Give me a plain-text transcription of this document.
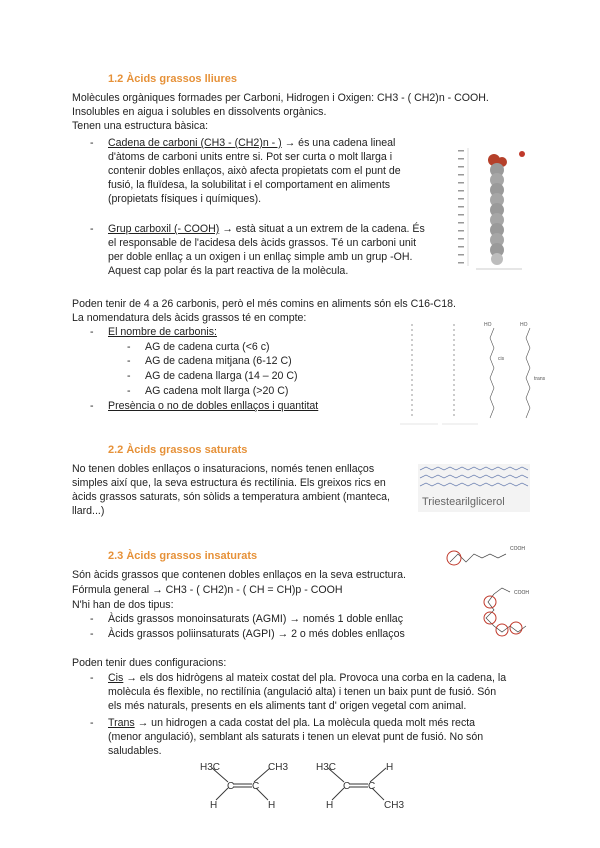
1.2 Àcids grassos lliures
Molècules orgàniques formades per Carboni, Hidrogen i Oxigen: CH3 - ( CH2)n - COOH.
Insolubles en aigua i solubles en dissolvents orgànics.
Tenen una estructura bàsica:
- Cadena de carboni (CH3 - (CH2)n - ) → és una cadena lineal
d'àtoms de carboni units entre si. Pot ser curta o molt llarga i
contenir dobles enllaços, això afecta propietats com el punt de
fusió, la fluïdesa, la solubilitat i el comportament en aliments
(propietats físiques i químiques).
- Grup carboxil (- COOH) → està situat a un extrem de la cadena. És
el responsable de l'acidesa dels àcids grassos. Té un carboni unit
per doble enllaç a un oxigen i un enllaç simple amb un grup -OH.
Aquest cap polar és la part reactiva de la molècula.
Poden tenir de 4 a 26 carbonis, però el més comins en aliments són els C16-C18.
La nomendatura dels àcids grassos té en compte:
- El nombre de carbonis:
- AG de cadena curta (<6 c)
- AG de cadena mitjana (6-12 C)
- AG de cadena llarga (14 – 20 C)
- AG cadena molt llarga (>20 C)
- Presència o no de dobles enllaços i quantitat
HO	HO
cis
trans
2.2 Àcids grassos saturats
No tenen dobles enllaços o insaturacions, només tenen enllaços
simples així que, la seva estructura és rectilínia. Els greixos rics en
àcids grassos saturats, són sòlids a temperatura ambient (manteca,
llard...)
Triestearilglicerol
2.3 Àcids grassos insaturats
Són àcids grassos que contenen dobles enllaços en la seva estructura.
Fórmula general → CH3 - ( CH2)n - ( CH = CH)p - COOH
N'hi han de dos tipus:
- Àcids grassos monoinsaturats (AGMI) → només 1 doble enllaç
- Àcids grassos poliinsaturats (AGPI) → 2 o més dobles enllaços
COOH
COOH
Poden tenir dues configuracions:
- Cis → els dos hidrògens al mateix costat del pla. Provoca una corba en la cadena, la
molècula és flexible, no rectilínia (angulació alta) i tenen un baix punt de fusió. Són
els més naturals, presents en els aliments tant d' origen vegetal com animal.
- Trans → un hidrogen a cada costat del pla. La molècula queda molt més recta
(menor angulació), semblant als saturats i tenen un elevat punt de fusió. No són
saludables.
H3C	CH3
C C
H	H
H3C	H
C C
H	CH3
